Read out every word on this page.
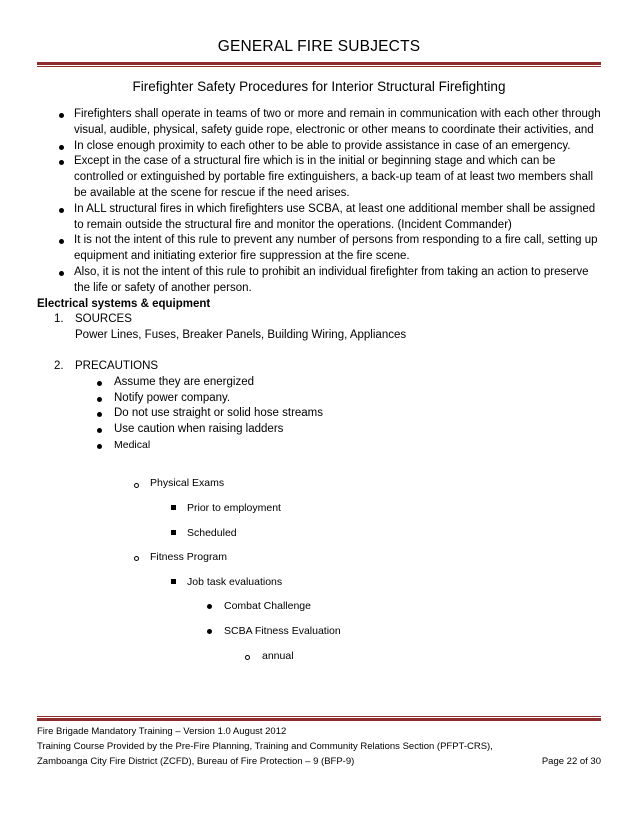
GENERAL FIRE SUBJECTS
Firefighter Safety Procedures for Interior Structural Firefighting
Firefighters shall operate in teams of two or more and remain in communication with each other through visual, audible, physical, safety guide rope, electronic or other means to coordinate their activities, and
In close enough proximity to each other to be able to provide assistance in case of an emergency.
Except in the case of a structural fire which is in the initial or beginning stage and which can be controlled or extinguished by portable fire extinguishers, a back-up team of at least two members shall be available at the scene for rescue if the need arises.
In ALL structural fires in which firefighters use SCBA, at least one additional member shall be assigned to remain outside the structural fire and monitor the operations. (Incident Commander)
It is not the intent of this rule to prevent any number of persons from responding to a fire call, setting up equipment and initiating exterior fire suppression at the fire scene.
Also, it is not the intent of this rule to prohibit an individual firefighter from taking an action to preserve the life or safety of another person.
Electrical systems & equipment
1. SOURCES
Power Lines, Fuses, Breaker Panels, Building Wiring, Appliances
2. PRECAUTIONS
Assume they are energized
Notify power company.
Do not use straight or solid hose streams
Use caution when raising ladders
Medical
Physical Exams
Prior to employment
Scheduled
Fitness Program
Job task evaluations
Combat Challenge
SCBA Fitness Evaluation
annual
Fire Brigade Mandatory Training – Version 1.0 August 2012
Training Course Provided by the Pre-Fire Planning, Training and Community Relations Section (PFPT-CRS),
Zamboanga City Fire District (ZCFD), Bureau of Fire Protection – 9 (BFP-9)	Page 22 of 30
